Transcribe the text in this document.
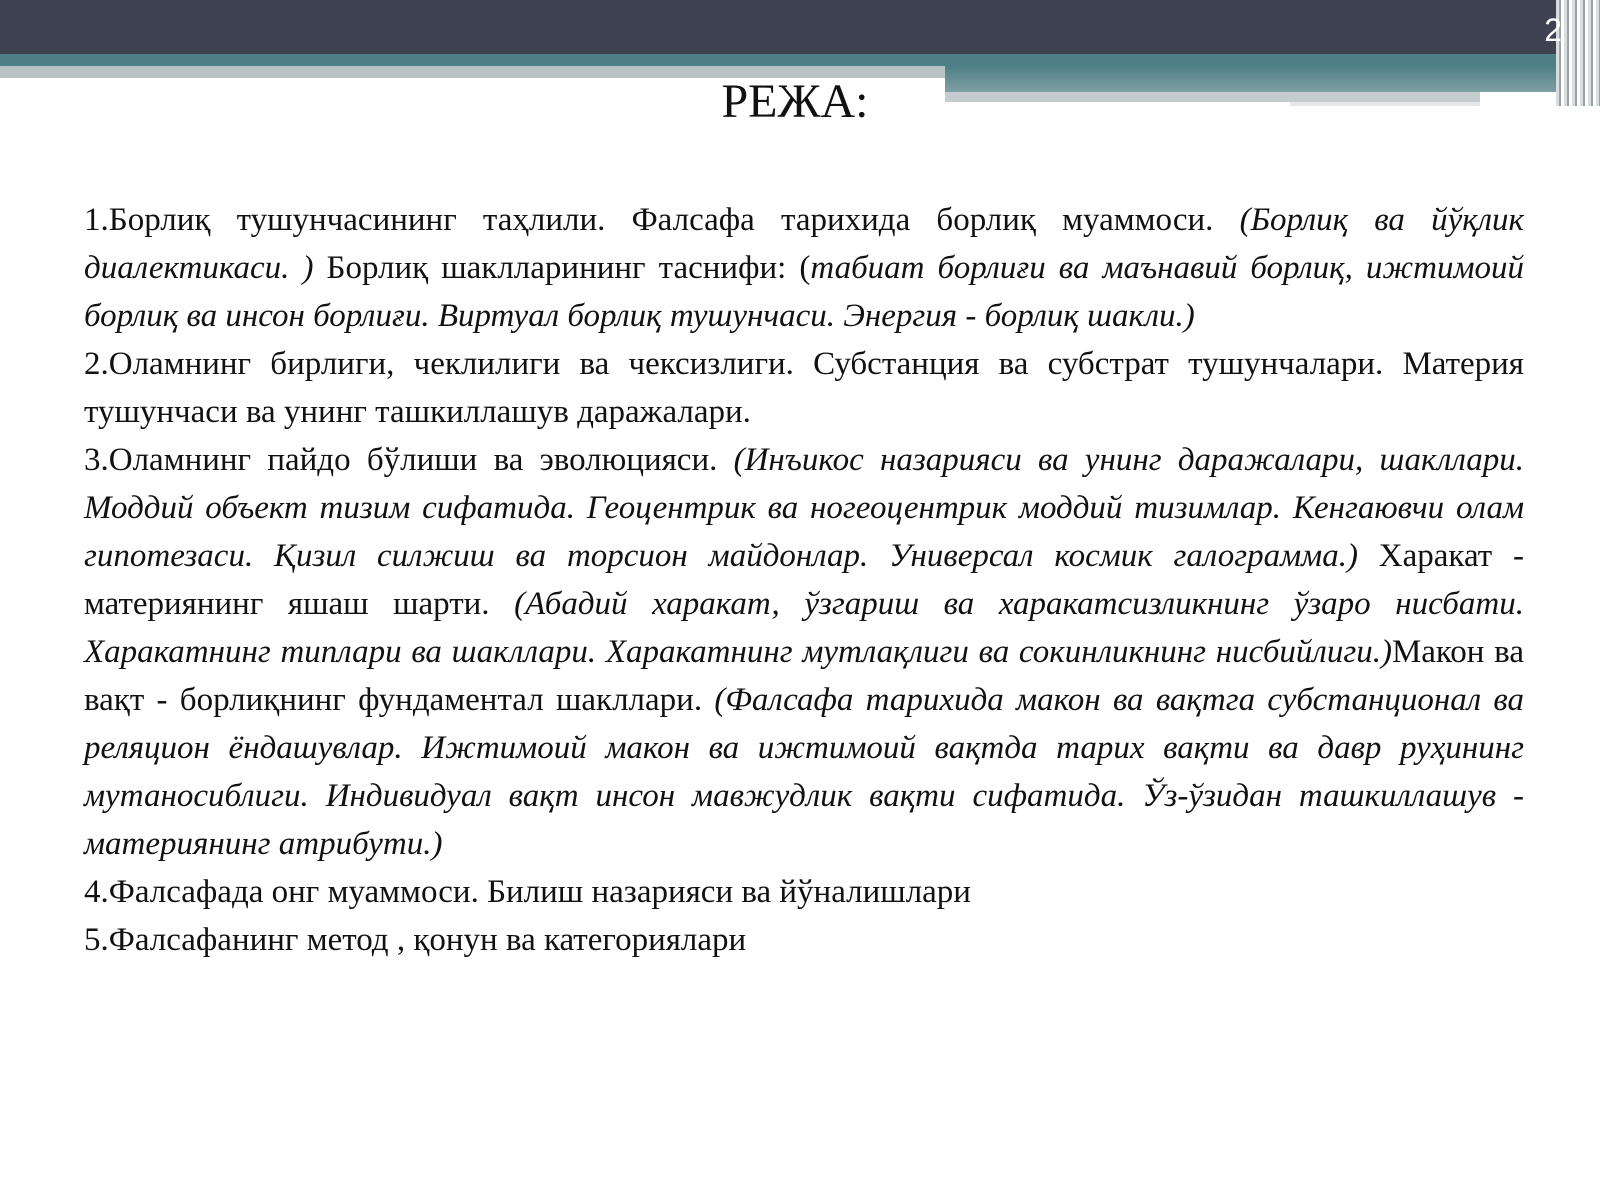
2
РЕЖА:

1.Борлиқ тушунчасининг таҳлили. Фалсафа тарихида борлиқ муаммоси. (Борлиқ ва йўқлик диалектикаси. ) Борлиқ шаклларининг таснифи: (табиат борлиғи ва маънавий борлиқ, ижтимоий борлиқ ва инсон борлиғи. Виртуал борлиқ тушунчаси. Энергия - борлиқ шакли.)

2.Оламнинг бирлиги, чеклилиги ва чексизлиги. Субстанция ва субстрат тушунчалари. Материя тушунчаси ва унинг ташкиллашув даражалари.

3.Оламнинг пайдо бўлиши ва эволюцияси. (Инъикос назарияси ва унинг даражалари, шакллари. Моддий объект тизим сифатида. Геоцентрик ва ногеоцентрик моддий тизимлар. Кенгаювчи олам гипотезаси. Қизил силжиш ва торсион майдонлар. Универсал космик галограмма.) Харакат - материянинг яшаш шарти. (Абадий харакат, ўзгариш ва харакатсизликнинг ўзаро нисбати. Харакатнинг типлари ва шакллари. Харакатнинг мутлақлиги ва сокинликнинг нисбийлиги.)Макон ва вақт - борлиқнинг фундаментал шакллари. (Фалсафа тарихида макон ва вақтга субстанционал ва реляцион ёндашувлар. Ижтимоий макон ва ижтимоий вақтда тарих вақти ва давр руҳининг мутаносиблиги. Индивидуал вақт инсон мавжудлик вақти сифатида. Ўз-ўзидан ташкиллашув - материянинг атрибути.)

4.Фалсафада онг муаммоси. Билиш назарияси ва йўналишлари

5.Фалсафанинг метод , қонун ва категориялари
